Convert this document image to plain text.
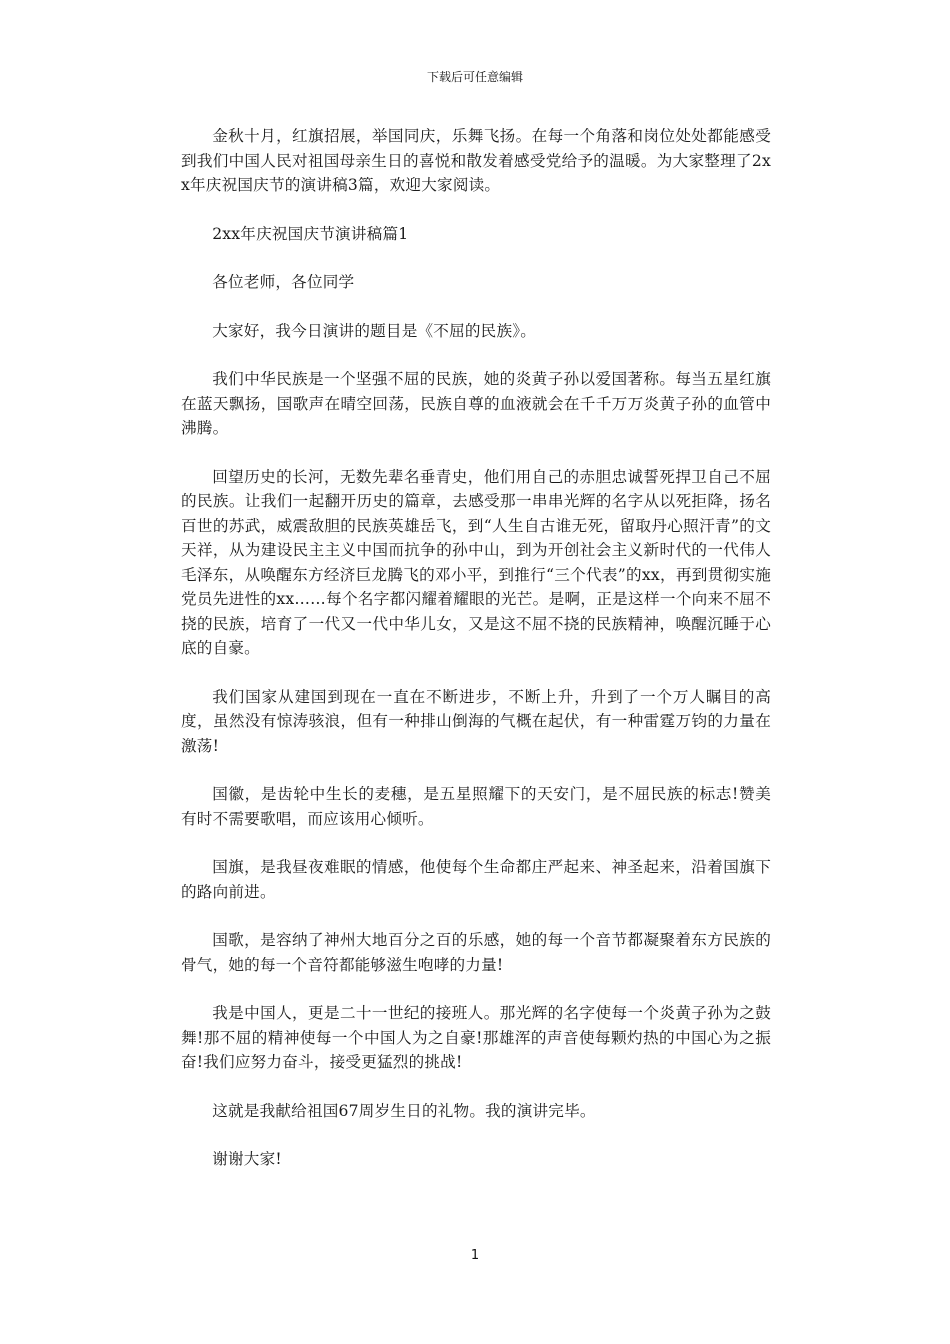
下载后可任意编辑

金秋十月，红旗招展，举国同庆，乐舞飞扬。在每一个角落和岗位处处都能感受到我们中国人民对祖国母亲生日的喜悦和散发着感受党给予的温暖。为大家整理了2xx年庆祝国庆节的演讲稿3篇，欢迎大家阅读。

2xx年庆祝国庆节演讲稿篇1

各位老师，各位同学

大家好，我今日演讲的题目是《不屈的民族》。

我们中华民族是一个坚强不屈的民族，她的炎黄子孙以爱国著称。每当五星红旗在蓝天飘扬，国歌声在晴空回荡，民族自尊的血液就会在千千万万炎黄子孙的血管中沸腾。

回望历史的长河，无数先辈名垂青史，他们用自己的赤胆忠诚誓死捍卫自己不屈的民族。让我们一起翻开历史的篇章，去感受那一串串光辉的名字从以死拒降，扬名百世的苏武，威震敌胆的民族英雄岳飞，到“人生自古谁无死，留取丹心照汗青”的文天祥，从为建设民主主义中国而抗争的孙中山，到为开创社会主义新时代的一代伟人毛泽东，从唤醒东方经济巨龙腾飞的邓小平，到推行“三个代表”的xx，再到贯彻实施党员先进性的xx……每个名字都闪耀着耀眼的光芒。是啊，正是这样一个向来不屈不挠的民族，培育了一代又一代中华儿女，又是这不屈不挠的民族精神，唤醒沉睡于心底的自豪。

我们国家从建国到现在一直在不断进步，不断上升，升到了一个万人瞩目的高度，虽然没有惊涛骇浪，但有一种排山倒海的气概在起伏，有一种雷霆万钧的力量在激荡!

国徽，是齿轮中生长的麦穗，是五星照耀下的天安门，是不屈民族的标志!赞美有时不需要歌唱，而应该用心倾听。

国旗，是我昼夜难眠的情感，他使每个生命都庄严起来、神圣起来，沿着国旗下的路向前进。

国歌，是容纳了神州大地百分之百的乐感，她的每一个音节都凝聚着东方民族的骨气，她的每一个音符都能够滋生咆哮的力量!

我是中国人，更是二十一世纪的接班人。那光辉的名字使每一个炎黄子孙为之鼓舞!那不屈的精神使每一个中国人为之自豪!那雄浑的声音使每颗灼热的中国心为之振奋!我们应努力奋斗，接受更猛烈的挑战!

这就是我献给祖国67周岁生日的礼物。我的演讲完毕。

谢谢大家!

1
